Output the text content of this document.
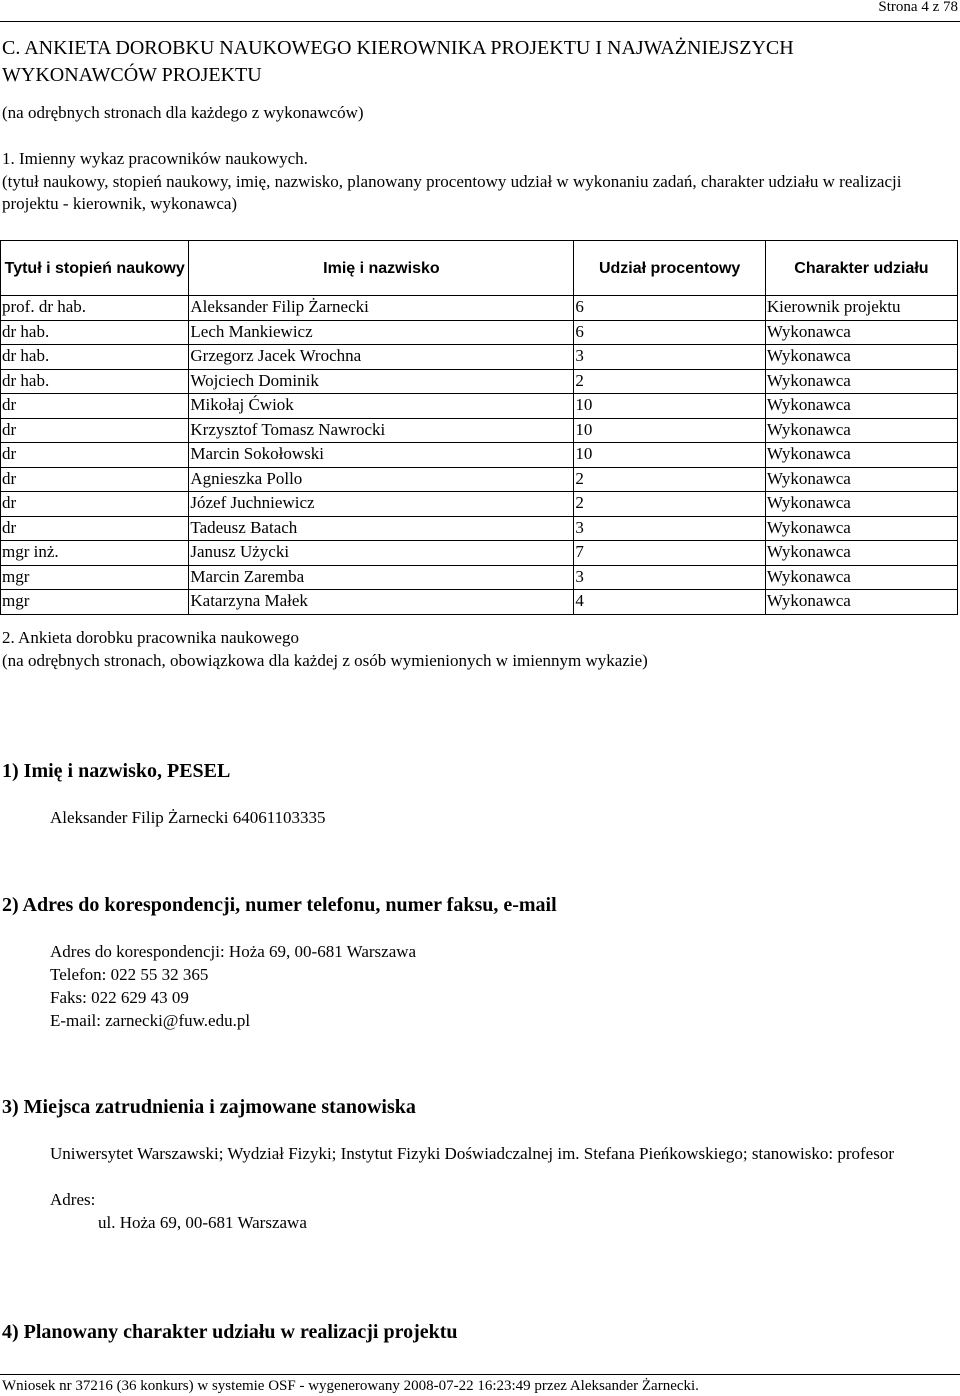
Strona 4 z 78
C. ANKIETA DOROBKU NAUKOWEGO KIEROWNIKA PROJEKTU I NAJWAŻNIEJSZYCH WYKONAWCÓW PROJEKTU

(na odrębnych stronach dla każdego z wykonawców)

1. Imienny wykaz pracowników naukowych.

(tytuł naukowy, stopień naukowy, imię, nazwisko, planowany procentowy udział w wykonaniu zadań, charakter udziału w realizacji projektu - kierownik, wykonawca)

Tytuł i stopień naukowy	Imię i nazwisko	Udział procentowy	Charakter udziału
prof. dr hab.	Aleksander Filip Żarnecki	6	Kierownik projektu
dr hab.	Lech Mankiewicz	6	Wykonawca
dr hab.	Grzegorz Jacek Wrochna	3	Wykonawca
dr hab.	Wojciech Dominik	2	Wykonawca
dr	Mikołaj Ćwiok	10	Wykonawca
dr	Krzysztof Tomasz Nawrocki	10	Wykonawca
dr	Marcin Sokołowski	10	Wykonawca
dr	Agnieszka Pollo	2	Wykonawca
dr	Józef Juchniewicz	2	Wykonawca
dr	Tadeusz Batach	3	Wykonawca
mgr inż.	Janusz Użycki	7	Wykonawca
mgr	Marcin Zaremba	3	Wykonawca
mgr	Katarzyna Małek	4	Wykonawca

2. Ankieta dorobku pracownika naukowego

(na odrębnych stronach, obowiązkowa dla każdej z osób wymienionych w imiennym wykazie)

1) Imię i nazwisko, PESEL

Aleksander Filip Żarnecki 64061103335

2) Adres do korespondencji, numer telefonu, numer faksu, e-mail

Adres do korespondencji: Hoża 69, 00-681 Warszawa

Telefon: 022 55 32 365

Faks: 022 629 43 09

E-mail: zarnecki@fuw.edu.pl

3) Miejsca zatrudnienia i zajmowane stanowiska

Uniwersytet Warszawski; Wydział Fizyki; Instytut Fizyki Doświadczalnej im. Stefana Pieńkowskiego; stanowisko: profesor

Adres:

ul. Hoża 69, 00-681 Warszawa

4) Planowany charakter udziału w realizacji projektu

Wniosek nr 37216 (36 konkurs) w systemie OSF - wygenerowany 2008-07-22 16:23:49 przez Aleksander Żarnecki.
